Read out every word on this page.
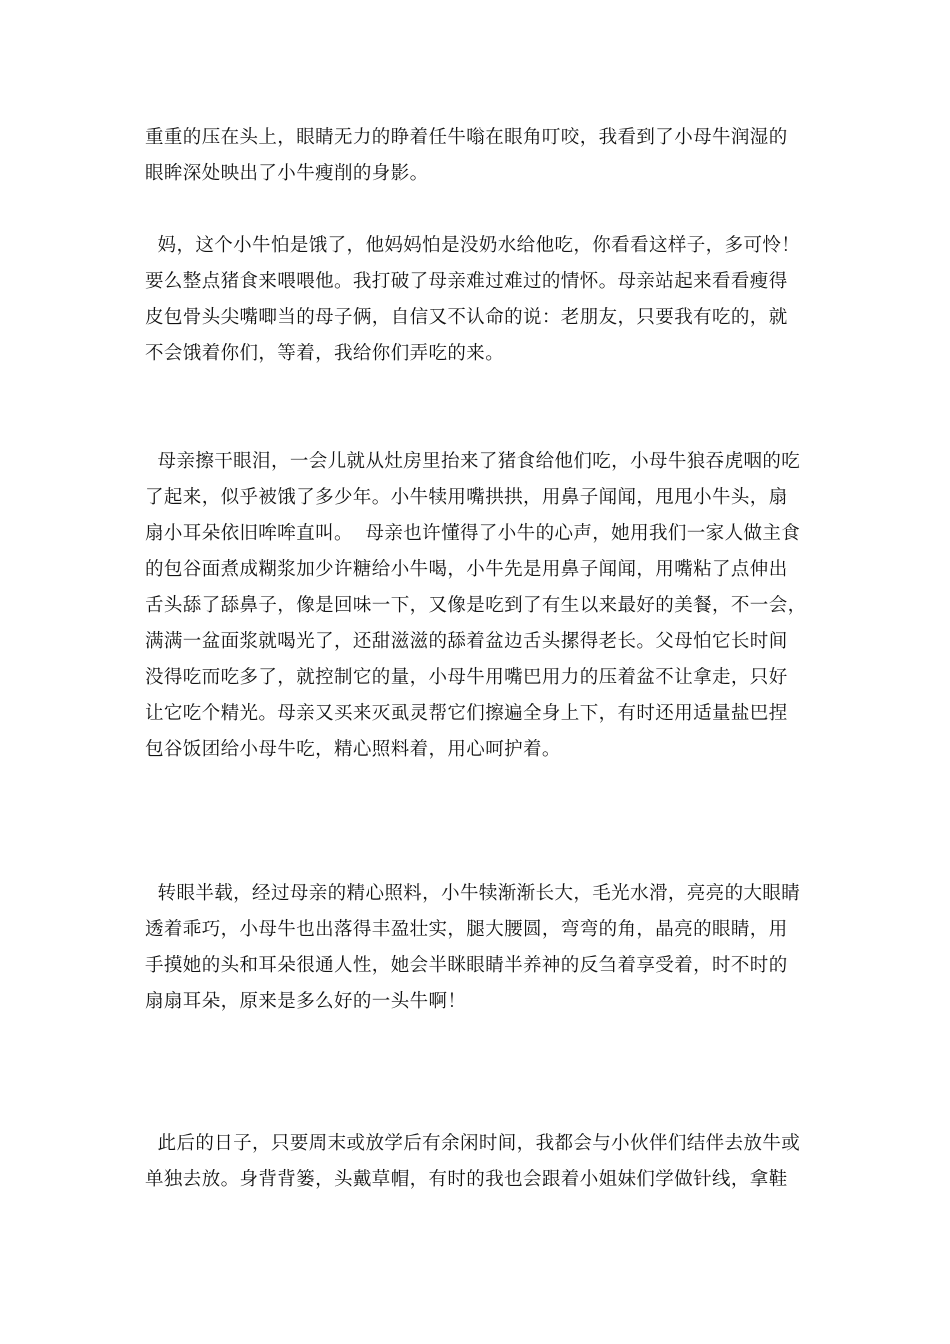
重重的压在头上，眼睛无力的睁着任牛嗡在眼角叮咬，我看到了小母牛润湿的
眼眸深处映出了小牛瘦削的身影。
妈，这个小牛怕是饿了，他妈妈怕是没奶水给他吃，你看看这样子，多可怜！
要么整点猪食来喂喂他。我打破了母亲难过难过的情怀。母亲站起来看看瘦得
皮包骨头尖嘴唧当的母子俩，自信又不认命的说：老朋友，只要我有吃的，就
不会饿着你们，等着，我给你们弄吃的来。
母亲擦干眼泪，一会儿就从灶房里抬来了猪食给他们吃，小母牛狼吞虎咽的吃
了起来，似乎被饿了多少年。小牛犊用嘴拱拱，用鼻子闻闻，甩甩小牛头，扇
扇小耳朵依旧哞哞直叫。  母亲也许懂得了小牛的心声，她用我们一家人做主食
的包谷面煮成糊浆加少许糖给小牛喝，小牛先是用鼻子闻闻，用嘴粘了点伸出
舌头舔了舔鼻子，像是回味一下，又像是吃到了有生以来最好的美餐，不一会，
满满一盆面浆就喝光了，还甜滋滋的舔着盆边舌头摞得老长。父母怕它长时间
没得吃而吃多了，就控制它的量，小母牛用嘴巴用力的压着盆不让拿走，只好
让它吃个精光。母亲又买来灭虱灵帮它们擦遍全身上下，有时还用适量盐巴捏
包谷饭团给小母牛吃，精心照料着，用心呵护着。
转眼半载，经过母亲的精心照料，小牛犊渐渐长大，毛光水滑，亮亮的大眼睛
透着乖巧，小母牛也出落得丰盈壮实，腿大腰圆，弯弯的角，晶亮的眼睛，用
手摸她的头和耳朵很通人性，她会半眯眼睛半养神的反刍着享受着，时不时的
扇扇耳朵，原来是多么好的一头牛啊！
此后的日子，只要周末或放学后有余闲时间，我都会与小伙伴们结伴去放牛或
单独去放。身背背篓，头戴草帽，有时的我也会跟着小姐妹们学做针线，拿鞋
